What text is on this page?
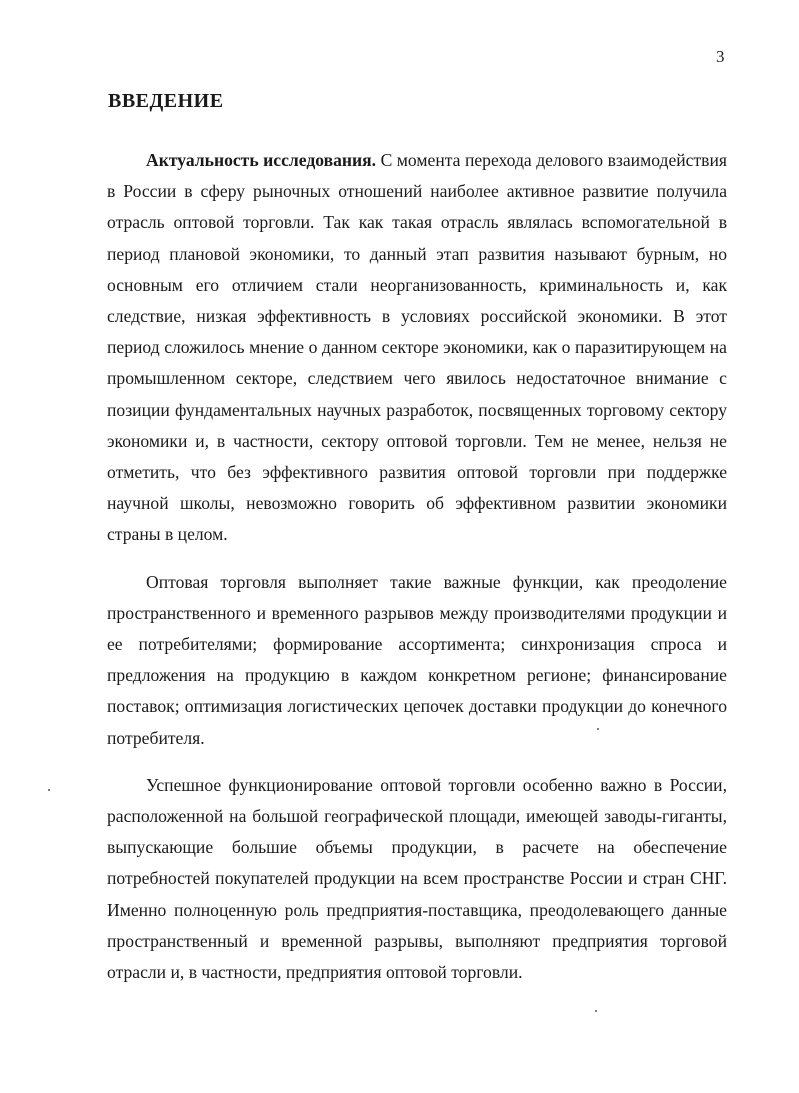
3
ВВЕДЕНИЕ

Актуальность исследования. С момента перехода делового взаимодействия в России в сферу рыночных отношений наиболее активное развитие получила отрасль оптовой торговли. Так как такая отрасль являлась вспомогательной в период плановой экономики, то данный этап развития называют бурным, но основным его отличием стали неорганизованность, криминальность и, как следствие, низкая эффективность в условиях российской экономики. В этот период сложилось мнение о данном секторе экономики, как о паразитирующем на промышленном секторе, следствием чего явилось недостаточное внимание с позиции фундаментальных научных разработок, посвященных торговому сектору экономики и, в частности, сектору оптовой торговли. Тем не менее, нельзя не отметить, что без эффективного развития оптовой торговли при поддержке научной школы, невозможно говорить об эффективном развитии экономики страны в целом.

Оптовая торговля выполняет такие важные функции, как преодоление пространственного и временного разрывов между производителями продукции и ее потребителями; формирование ассортимента; синхронизация спроса и предложения на продукцию в каждом конкретном регионе; финансирование поставок; оптимизация логистических цепочек доставки продукции до конечного потребителя.

Успешное функционирование оптовой торговли особенно важно в России, расположенной на большой географической площади, имеющей заводы-гиганты, выпускающие большие объемы продукции, в расчете на обеспечение потребностей покупателей продукции на всем пространстве России и стран СНГ. Именно полноценную роль предприятия-поставщика, преодолевающего данные пространственный и временной разрывы, выполняют предприятия торговой отрасли и, в частности, предприятия оптовой торговли.
